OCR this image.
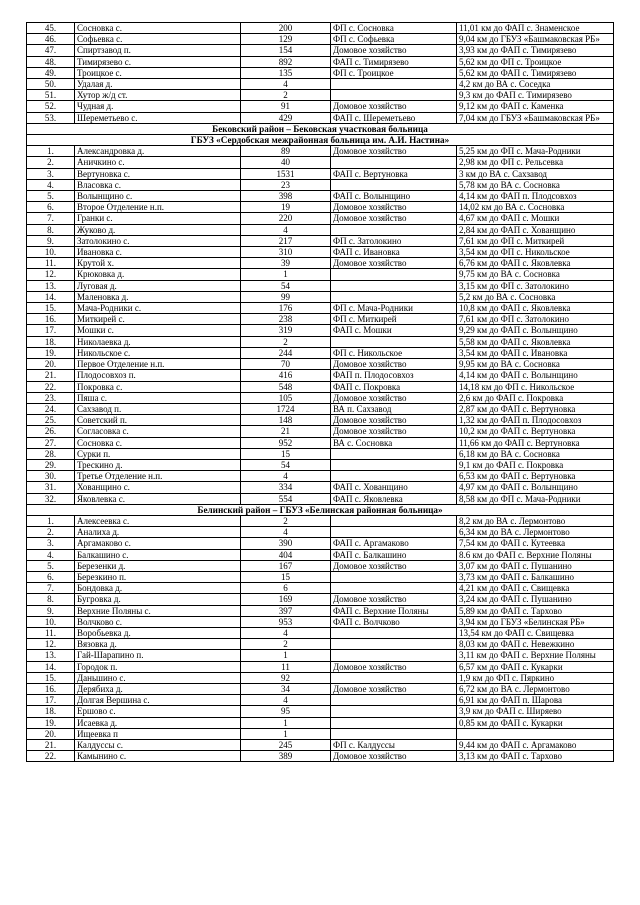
45.	Сосновка с.	200	ФП с. Сосновка	11,01 км до ФАП с. Знаменское
46.	Софьевка с.	129	ФП с. Софьевка	9,04 км до ГБУЗ «Башмаковская РБ»
47.	Спиртзавод п.	154	Домовое хозяйство	3,93 км до ФАП с. Тимирязево
48.	Тимирязево с.	892	ФАП с. Тимирязево	5,62 км до ФП с. Троицкое
49.	Троицкое с.	135	ФП с. Троицкое	5,62 км до ФАП с. Тимирязево
50.	Удалая д.	4		4,2 км до ВА с. Соседка
51.	Хутор ж/д ст.	2		9,3 км до ФАП с. Тимирязево
52.	Чудная д.	91	Домовое хозяйство	9,12 км до ФАП с. Каменка
53.	Шереметьево с.	429	ФАП с. Шереметьево	7,04 км до ГБУЗ «Башмаковская РБ»
Бековский район – Бековская участковая больница				
ГБУЗ «Сердобская межрайонная больница им. А.И. Настина»				
1.	Александровка д.	89	Домовое хозяйство	5,25 км до ФП с. Мача-Родники
2.	Аничкино с.	40		2,98 км до ФП с. Рельсевка
3.	Вертуновка с.	1531	ФАП с. Вертуновка	3 км до ВА с. Сахзавод
4.	Власовка с.	23		5,78 км до ВА с. Сосновка
5.	Волынщино с.	398	ФАП с. Волынщино	4,14 км до ФАП п. Плодсовхоз
6.	Второе Отделение н.п.	19	Домовое хозяйство	14,02 км до ВА с. Сосновка
7.	Гранки с.	220	Домовое хозяйство	4,67 км до ФАП с. Мошки
8.	Жуково д.	4		2,84 км до ФАП с. Хованщино
9.	Затолокино с.	217	ФП с. Затолокино	7,61 км до ФП с. Миткирей
10.	Ивановка с.	310	ФАП с. Ивановка	3,54 км до ФП с. Никольское
11.	Крутой х.	39	Домовое хозяйство	6,76 км до ФАП с. Яковлевка
12.	Крюковка д.	1		9,75 км до ВА с. Сосновка
13.	Луговая д.	54		3,15 км до ФП с. Затолокино
14.	Маленовка д.	99		5,2 км до ВА с. Сосновка
15.	Мача-Родники с.	176	ФП с. Мача-Родники	10,8 км до ФАП с. Яковлевка
16.	Миткирей с.	238	ФП с. Миткирей	7,61 км до ФП с. Затолокино
17.	Мошки с.	319	ФАП с. Мошки	9,29 км до ФАП с. Волынщино
18.	Николаевка д.	2		5,58 км до ФАП с. Яковлевка
19.	Никольское с.	244	ФП с. Никольское	3,54 км до ФАП с. Ивановка
20.	Первое Отделение н.п.	70	Домовое хозяйство	9,95 км до ВА с. Сосновка
21.	Плодосовхоз п.	416	ФАП п. Плодосовхоз	4,14 км до ФАП с. Волынщино
22.	Покровка с.	548	ФАП с. Покровка	14,18 км до ФП с. Никольское
23.	Пяша с.	105	Домовое хозяйство	2,6 км до ФАП с. Покровка
24.	Сахзавод п.	1724	ВА п. Сахзавод	2,87 км до ФАП с. Вертуновка
25.	Советский п.	148	Домовое хозяйство	1,32 км до ФАП п. Плодосовхоз
26.	Согласовка с.	21	Домовое хозяйство	10,2 км до ФАП с. Вертуновка
27.	Сосновка с.	952	ВА с. Сосновка	11,66 км до ФАП с. Вертуновка
28.	Сурки п.	15		6,18 км до ВА с. Сосновка
29.	Трескино д.	54		9,1 км до ФАП с. Покровка
30.	Третье Отделение н.п.	4		6,53 км до ФАП с. Вертуновка
31.	Хованщино с.	334	ФАП с. Хованщино	4,97 км до ФАП с. Волынщино
32.	Яковлевка с.	554	ФАП с. Яковлевка	8,58 км до ФП с. Мача-Родники
Белинский район – ГБУЗ «Белинская районная больница»				
1.	Алексеевка с.	2		8,2 км до ВА с. Лермонтово
2.	Аналиха д.	4		6,34 км до ВА с. Лермонтово
3.	Аргамаково с.	390	ФАП с. Аргамаково	7,54 км до ФАП с. Кутеевка
4.	Балкашино с.	404	ФАП с. Балкашино	8.6 км до ФАП с. Верхние Поляны
5.	Березенки д.	167	Домовое хозяйство	3,07 км до ФАП с. Пушанино
6.	Березкино п.	15		3,73 км до ФАП с. Балкашино
7.	Бондовка д.	6		4,21 км до ФАП с. Свищевка
8.	Бугровка д.	169	Домовое хозяйство	3,24 км до ФАП с. Пушанино
9.	Верхние Поляны с.	397	ФАП с. Верхние Поляны	5,89 км до ФАП с. Тархово
10.	Волчково с.	953	ФАП с. Волчково	3,94 км до ГБУЗ «Белинская РБ»
11.	Воробьевка д.	4		13,54 км до ФАП с. Свищевка
12.	Вязовка д.	2		8,03 км до ФАП с. Невежкино
13.	Гай-Шарапино п.	1		3,11 км до ФАП с. Верхние Поляны
14.	Городок п.	11	Домовое хозяйство	6,57 км до ФАП с. Кукарки
15.	Даньшино с.	92		1,9 км до ФП с. Пяркино
16.	Дерябиха д.	34	Домовое хозяйство	6,72 км до ВА с. Лермонтово
17.	Долгая Вершина с.	4		6,91 км до ФАП п. Шарова
18.	Ершово с.	95		3,9 км до ФАП с. Ширяево
19.	Исаевка д.	1		0,85 км до ФАП с. Кукарки
20.	Ищеевка п	1		
21.	Калдуссы с.	245	ФП с. Калдуссы	9,44 км до ФАП с. Аргамаково
22.	Камынино с.	389	Домовое хозяйство	3,13 км до ФАП с. Тархово
